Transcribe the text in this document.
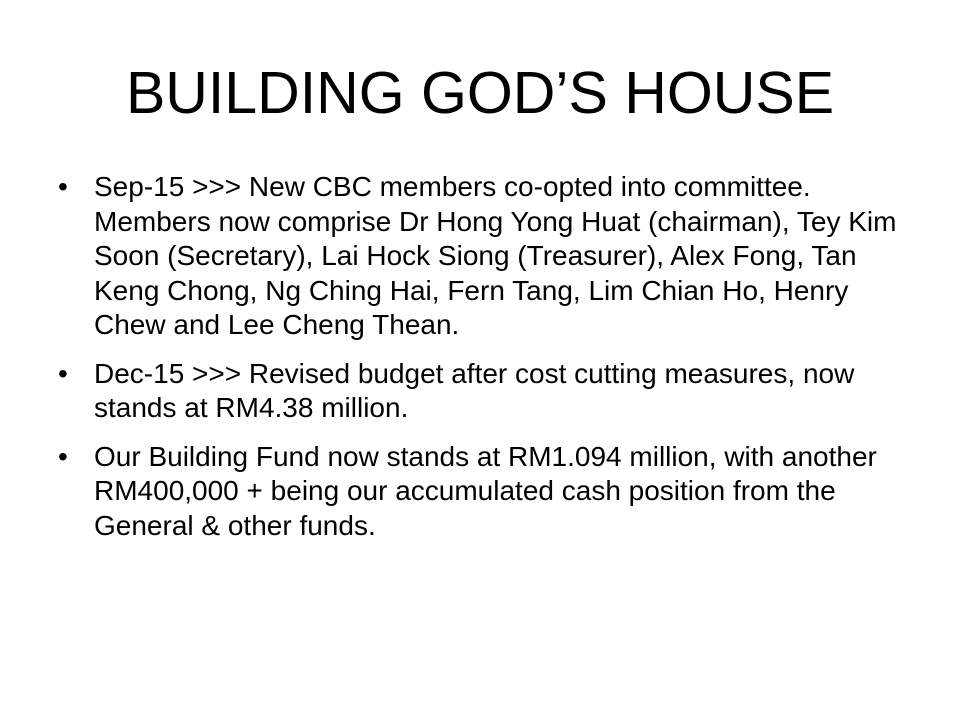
BUILDING GOD’S HOUSE
• Sep-15 >>> New CBC members co-opted into committee. Members now comprise Dr Hong Yong Huat (chairman), Tey Kim Soon (Secretary), Lai Hock Siong (Treasurer), Alex Fong, Tan Keng Chong, Ng Ching Hai, Fern Tang, Lim Chian Ho, Henry Chew and Lee Cheng Thean.
• Dec-15 >>> Revised budget after cost cutting measures, now stands at RM4.38 million.
• Our Building Fund now stands at RM1.094 million, with another RM400,000 + being our accumulated cash position from the General & other funds.
